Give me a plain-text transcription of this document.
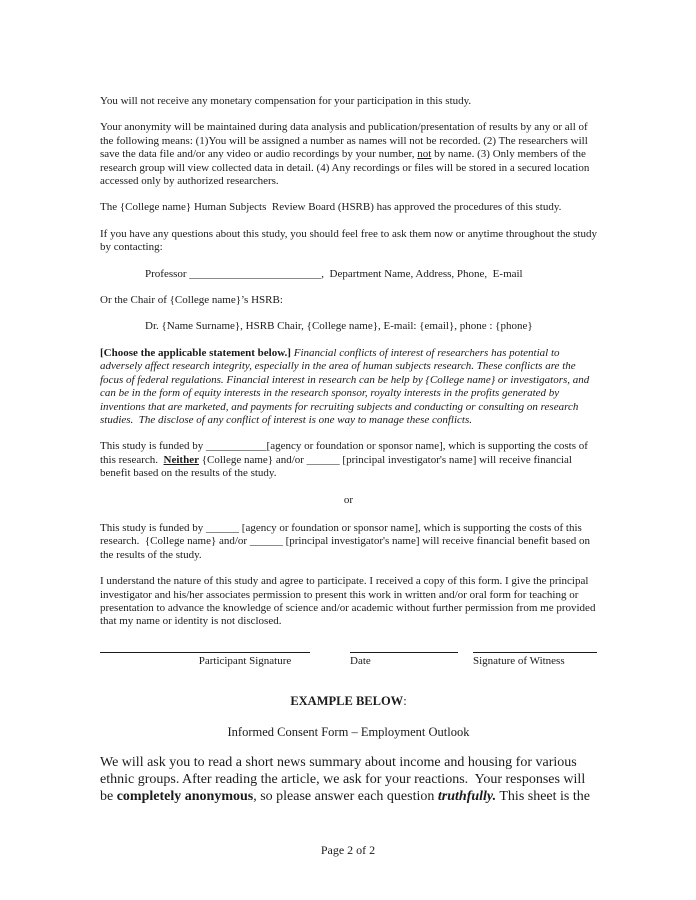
You will not receive any monetary compensation for your participation in this study.

Your anonymity will be maintained during data analysis and publication/presentation of results by any or all of the following means: (1)You will be assigned a number as names will not be recorded. (2) The researchers will save the data file and/or any video or audio recordings by your number, not by name. (3) Only members of the research group will view collected data in detail. (4) Any recordings or files will be stored in a secured location accessed only by authorized researchers.

The {College name} Human Subjects  Review Board (HSRB) has approved the procedures of this study.

If you have any questions about this study, you should feel free to ask them now or anytime throughout the study by contacting:

Professor ________________________,  Department Name, Address, Phone,  E-mail

Or the Chair of {College name}’s HSRB:

Dr. {Name Surname}, HSRB Chair, {College name}, E-mail: {email}, phone : {phone}

[Choose the applicable statement below.] Financial conflicts of interest of researchers has potential to adversely affect research integrity, especially in the area of human subjects research. These conflicts are the focus of federal regulations. Financial interest in research can be help by {College name} or investigators, and can be in the form of equity interests in the research sponsor, royalty interests in the profits generated by inventions that are marketed, and payments for recruiting subjects and conducting or consulting on research studies.  The disclose of any conflict of interest is one way to manage these conflicts.

This study is funded by ___________[agency or foundation or sponsor name], which is supporting the costs of this research.  Neither {College name} and/or ______ [principal investigator's name] will receive financial benefit based on the results of the study.

or

This study is funded by ______ [agency or foundation or sponsor name], which is supporting the costs of this research.  {College name} and/or ______ [principal investigator's name] will receive financial benefit based on the results of the study.

I understand the nature of this study and agree to participate. I received a copy of this form. I give the principal investigator and his/her associates permission to present this work in written and/or oral form for teaching or presentation to advance the knowledge of science and/or academic without further permission from me provided that my name or identity is not disclosed.

Participant Signature	Date	Signature of Witness

EXAMPLE BELOW:

Informed Consent Form – Employment Outlook

We will ask you to read a short news summary about income and housing for various ethnic groups. After reading the article, we ask for your reactions.  Your responses will be completely anonymous, so please answer each question truthfully. This sheet is the

Page 2 of 2
